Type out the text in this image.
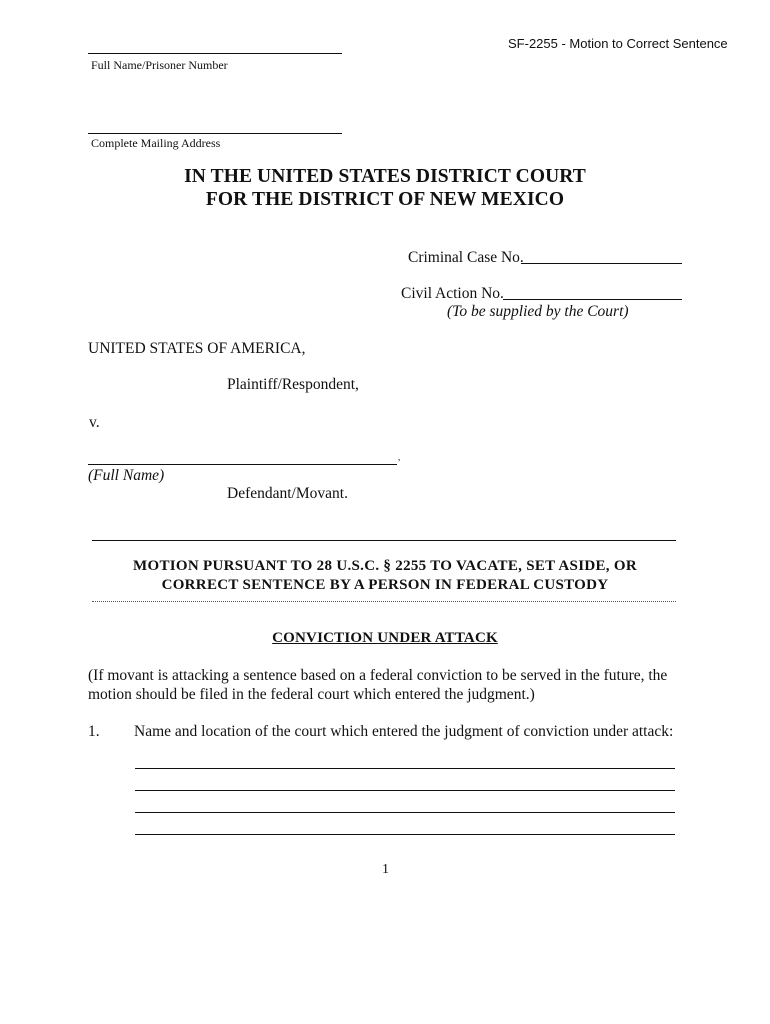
SF-2255 - Motion to Correct Sentence
Full Name/Prisoner Number
Complete Mailing Address
IN THE UNITED STATES DISTRICT COURT
FOR THE DISTRICT OF NEW MEXICO
Criminal Case No.
Civil Action No.
(To be supplied by the Court)
UNITED STATES OF AMERICA,
Plaintiff/Respondent,
v.
,
(Full Name)
Defendant/Movant.
MOTION PURSUANT TO 28 U.S.C. § 2255 TO VACATE, SET ASIDE, OR
CORRECT SENTENCE BY A PERSON IN FEDERAL CUSTODY
CONVICTION UNDER ATTACK
(If movant is attacking a sentence based on a federal conviction to be served in the future, the
motion should be filed in the federal court which entered the judgment.)
1. Name and location of the court which entered the judgment of conviction under attack:
1
